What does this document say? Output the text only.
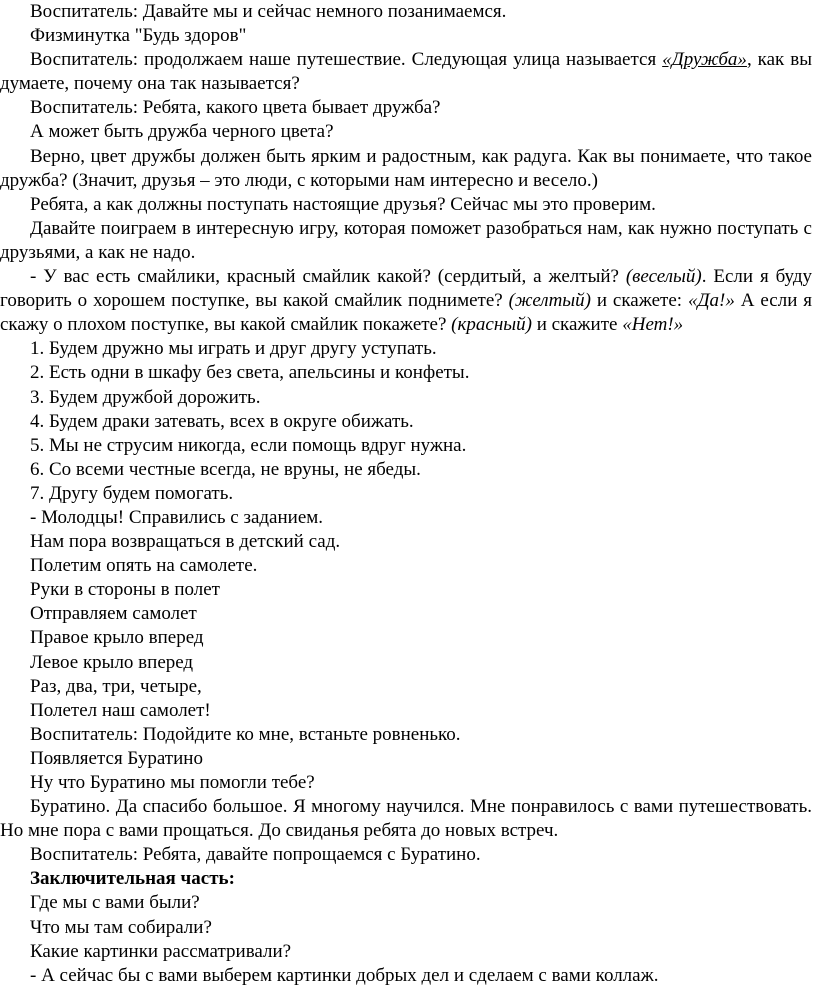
Воспитатель: Давайте мы и сейчас немного позанимаемся.

Физминутка "Будь здоров"

Воспитатель: продолжаем наше путешествие. Следующая улица называется «Дружба», как вы думаете, почему она так называется?

Воспитатель: Ребята, какого цвета бывает дружба?

А может быть дружба черного цвета?

Верно, цвет дружбы должен быть ярким и радостным, как радуга. Как вы понимаете, что такое дружба? (Значит, друзья – это люди, с которыми нам интересно и весело.)

Ребята, а как должны поступать настоящие друзья? Сейчас мы это проверим.

Давайте поиграем в интересную игру, которая поможет разобраться нам, как нужно поступать с друзьями, а как не надо.

- У вас есть смайлики, красный смайлик какой? (сердитый, а желтый? (веселый). Если я буду говорить о хорошем поступке, вы какой смайлик поднимете? (желтый) и скажете: «Да!» А если я скажу о плохом поступке, вы какой смайлик покажете? (красный) и скажите «Нет!»

1. Будем дружно мы играть и друг другу уступать.

2. Есть одни в шкафу без света, апельсины и конфеты.

3. Будем дружбой дорожить.

4. Будем драки затевать, всех в округе обижать.

5. Мы не струсим никогда, если помощь вдруг нужна.

6. Со всеми честные всегда, не вруны, не ябеды.

7. Другу будем помогать.

- Молодцы! Справились с заданием.

Нам пора возвращаться в детский сад.

Полетим опять на самолете.

Руки в стороны в полет

Отправляем самолет

Правое крыло вперед

Левое крыло вперед

Раз, два, три, четыре,

Полетел наш самолет!

Воспитатель: Подойдите ко мне, встаньте ровненько.

Появляется Буратино

Ну что Буратино мы помогли тебе?

Буратино. Да спасибо большое. Я многому научился. Мне понравилось с вами путешествовать. Но мне пора с вами прощаться. До свиданья ребята до новых встреч.

Воспитатель: Ребята, давайте попрощаемся с Буратино.

Заключительная часть:

Где мы с вами были?

Что мы там собирали?

Какие картинки рассматривали?

- А сейчас бы с вами выберем картинки добрых дел и сделаем с вами коллаж.
